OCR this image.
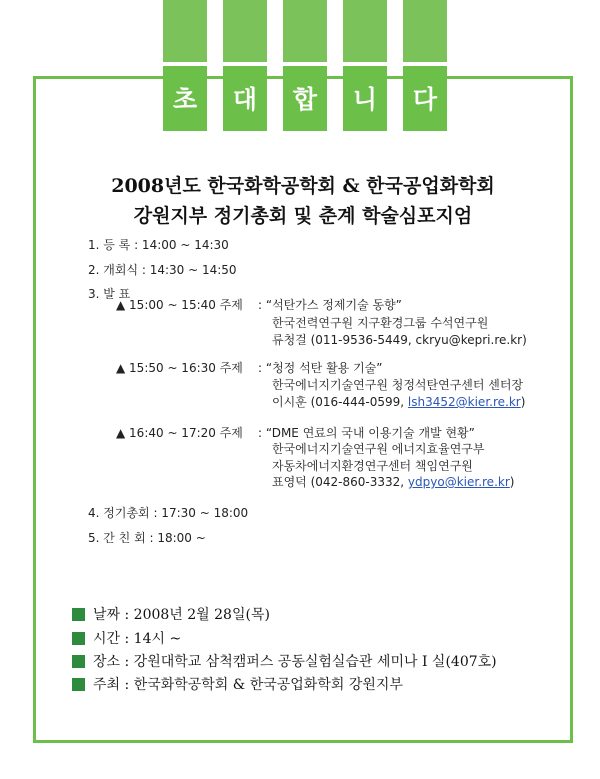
초	대	합	니	다
2008년도 한국화학공학회 & 한국공업화학회
강원지부 정기총회 및 춘계 학술심포지엄
1. 등 록 : 14:00 ~ 14:30
2. 개회식 : 14:30 ~ 14:50
3. 발 표
▲ 15:00 ~ 15:40 주제 : “석탄가스 정제기술 동향”
한국전력연구원 지구환경그룹 수석연구원
류청걸 (011-9536-5449, ckryu@kepri.re.kr)
▲ 15:50 ~ 16:30 주제 : “청정 석탄 활용 기술”
한국에너지기술연구원 청정석탄연구센터 센터장
이시훈 (016-444-0599, lsh3452@kier.re.kr)
▲ 16:40 ~ 17:20 주제 : “DME 연료의 국내 이용기술 개발 현황”
한국에너지기술연구원 에너지효율연구부
자동차에너지환경연구센터 책임연구원
표영덕 (042-860-3332, ydpyo@kier.re.kr)
4. 정기총회 : 17:30 ~ 18:00
5. 간 친 회 : 18:00 ~
날짜 : 2008년 2월 28일(목)
시간 : 14시 ~
장소 : 강원대학교 삼척캠퍼스 공동실험실습관 세미나 I 실(407호)
주최 : 한국화학공학회 & 한국공업화학회 강원지부
